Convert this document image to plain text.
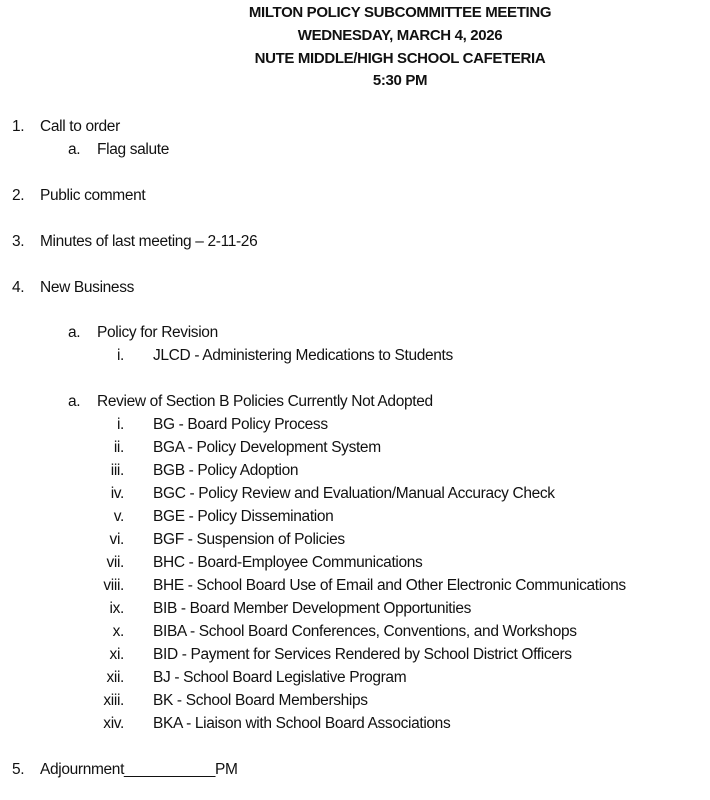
MILTON POLICY SUBCOMMITTEE MEETING
WEDNESDAY, MARCH 4, 2026
NUTE MIDDLE/HIGH SCHOOL CAFETERIA
5:30 PM
1. Call to order
a. Flag salute
2. Public comment
3. Minutes of last meeting – 2-11-26
4. New Business
a. Policy for Revision
i. JLCD - Administering Medications to Students
a. Review of Section B Policies Currently Not Adopted
i. BG - Board Policy Process
ii. BGA - Policy Development System
iii. BGB - Policy Adoption
iv. BGC - Policy Review and Evaluation/Manual Accuracy Check
v. BGE - Policy Dissemination
vi. BGF - Suspension of Policies
vii. BHC - Board-Employee Communications
viii. BHE - School Board Use of Email and Other Electronic Communications
ix. BIB - Board Member Development Opportunities
x. BIBA - School Board Conferences, Conventions, and Workshops
xi. BID - Payment for Services Rendered by School District Officers
xii. BJ - School Board Legislative Program
xiii. BK - School Board Memberships
xiv. BKA - Liaison with School Board Associations
5. Adjournment___________PM
